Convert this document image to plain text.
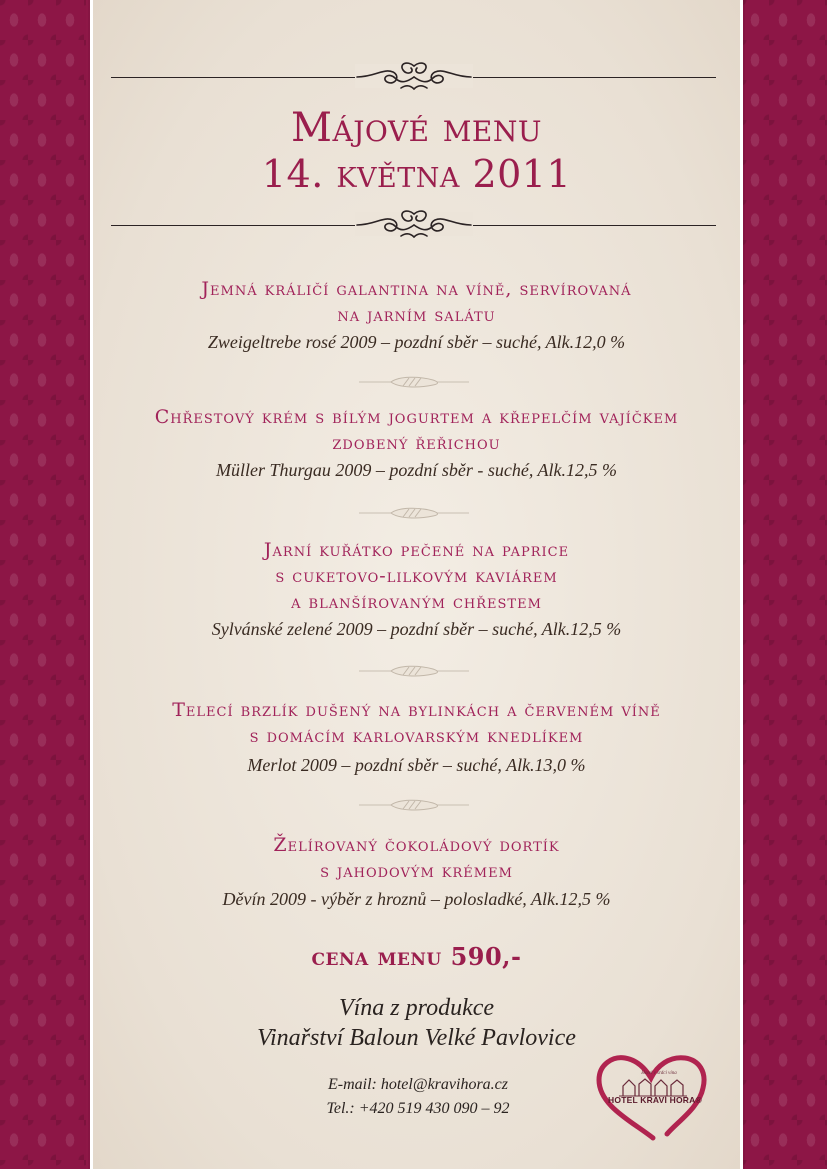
Májové menu
14. května 2011
Jemná králičí galantina na víně, servírovaná
na jarním salátu
Zweigeltrebe rosé 2009 – pozdní sběr – suché, Alk.12,0 %
Chřestový krém s bílým jogurtem a křepelčím vajíčkem
zdobený řeřichou
Müller Thurgau 2009 – pozdní sběr - suché, Alk.12,5 %
Jarní kuřátko pečené na paprice
s cuketovo-lilkovým kaviárem
a blanšírovaným chřestem
Sylvánské zelené 2009 – pozdní sběr – suché, Alk.12,5 %
Telecí brzlík dušený na bylinkách a červeném víně
s domácím karlovarským knedlíkem
Merlot 2009 – pozdní sběr – suché, Alk.13,0 %
Želírovaný čokoládový dortík
s jahodovým krémem
Děvín 2009 - výběr z hroznů – polosladké, Alk.12,5 %
cena menu 590,-
Vína z produkce
Vinařství Baloun Velké Pavlovice
E-mail: hotel@kravihora.cz
Tel.: +420 519 430 090 – 92
Hotel v srdci vína
HOTEL KRAVÍ HORA®
